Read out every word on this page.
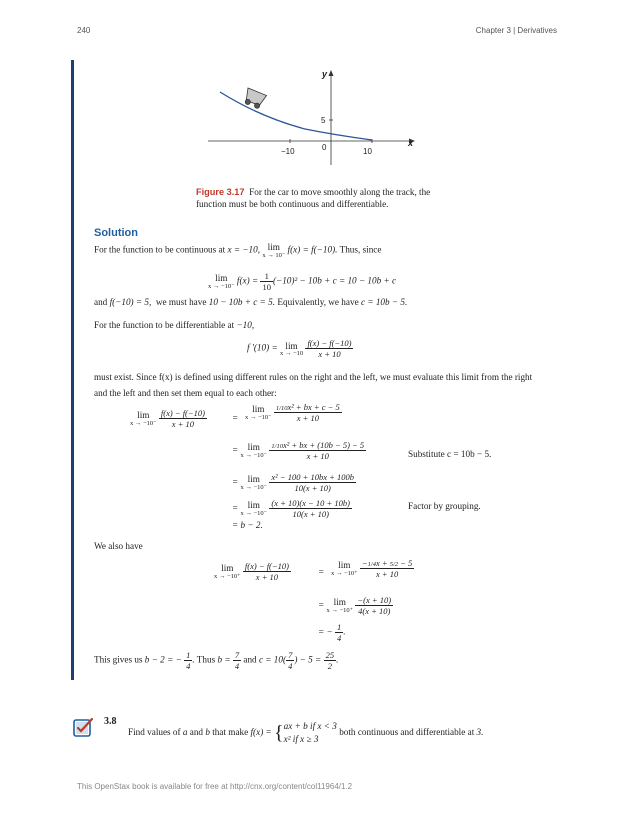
240	Chapter 3 | Derivatives
y
x
5
−10	0	10
Figure 3.17 For the car to move smoothly along the track, the function must be both continuous and differentiable.
Solution
For the function to be continuous at x = −10, lim
x → 10⁻
f(x) = f(−10). Thus, since
lim
x → −10⁻
$f(x) = \frac{1}{10} (-10)^2 - 10b + c = 10 - 10b + c$
and f(−10) = 5, we must have 10 − 10b + c = 5. Equivalently, we have c = 10b − 5.
For the function to be differentiable at −10,
f ′(10) = lim
x → −10
$\frac{f(x) - f(-10)}{x + 10}$
must exist. Since f(x) is defined using different rules on the right and the left, we must evaluate this limit from the right and the left and then set them equal to each other:
lim
x → −10⁻
$\frac{f(x) - f(-10)}{x + 10}$	=
lim
x → −10⁻
$\frac{\text{1/10x² + bx + c − 5}}{x + 10}$
= lim
x → −10⁻
$\frac{\text{1/10x² + bx + (10b − 5) − 5}}{x + 10}$	Substitute c = 10b − 5.
= lim
x → −10⁻
$\frac{\text{x² − 100 + 10bx + 100b}}{10(x + 10)}$
= lim
x → −10⁻
$\frac{(x + 10)(x - 10 + 10b)}{10(x + 10)}$	Factor by grouping.
= b − 2.
We also have
lim
x → −10⁺
$\frac{f(x) - f(-10)}{x + 10}$	=
lim
x → −10⁺
$\frac{-1/4x + 5/2 - 5}{x + 10}$
= lim
x → −10⁺
$\frac{-(x + 10)}{4(x + 10)}$
= − $\frac{1}{4}$ .
This gives us b − 2 = − $\frac{1}{4}$ . Thus $b = \frac{7}{4}$ and $c = 10( \frac{7}{4}$ ) − $5 = \frac{25}{2}$ .
3.8
Find values of a and b that make f(x) = { ax + b if x < 3
x² if x ≥ 3
both continuous and differentiable at 3.
This OpenStax book is available for free at http://cnx.org/content/col11964/1.2
